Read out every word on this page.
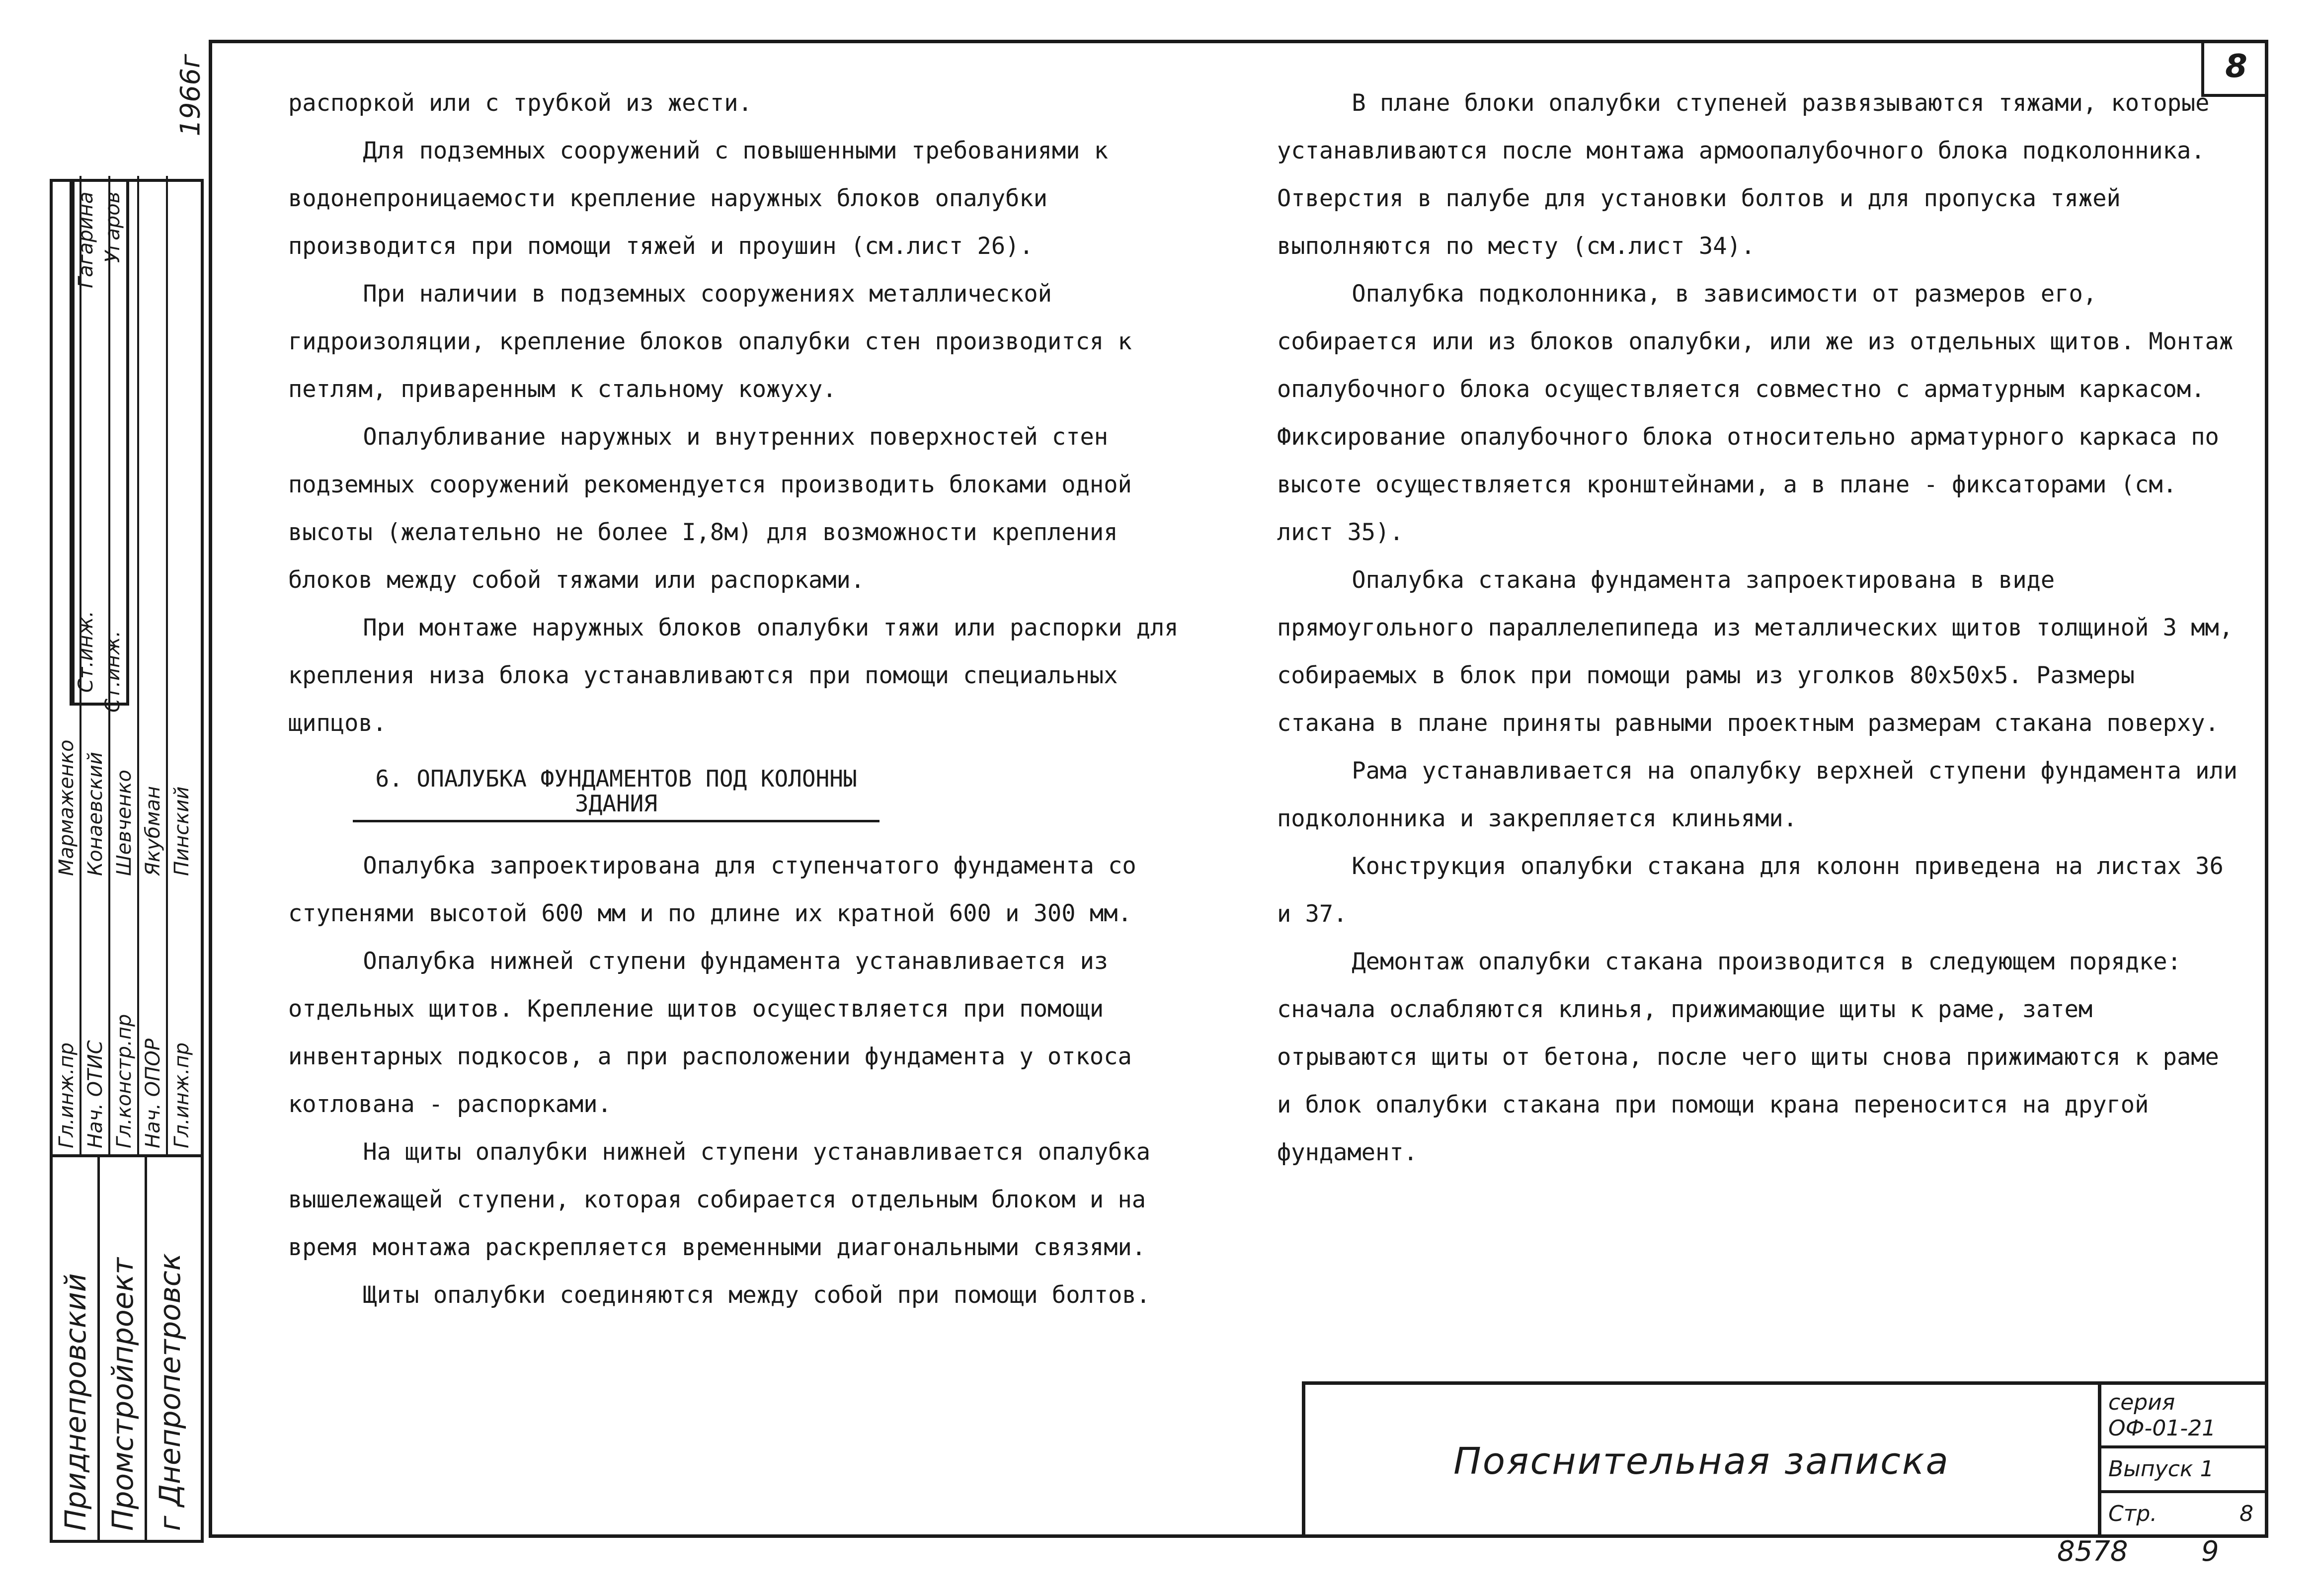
8
1966г
Приднепровский Промстройпроект г Днепропетровск
Гл.инж.пр
Мармаженко
Нач. ОТИС
Конаевский
Гл.констр.пр
Шевченко
Нач. ОПОР
Якубман
Гл.инж.пр
Пинский
Ст.инж.
Гагарина
Ст.инж.
Угаров

распоркой или с трубкой из жести.

Для подземных сооружений с повышенными требованиями к водонепроницаемости крепление наружных блоков опалубки производится при помощи тяжей и проушин (см.лист 26).

При наличии в подземных сооружениях металлической гидроизоляции, крепление блоков опалубки стен производится к петлям, приваренным к стальному кожуху.

Опалубливание наружных и внутренних поверхностей стен подземных сооружений рекомендуется производить блоками одной высоты (желательно не более I,8м) для возможности крепления блоков между собой тяжами или распорками.

При монтаже наружных блоков опалубки тяжи или распорки для крепления низа блока устанавливаются при помощи специальных щипцов.

6. ОПАЛУБКА ФУНДАМЕНТОВ ПОД КОЛОННЫ ЗДАНИЯ

Опалубка запроектирована для ступенчатого фундамента со ступенями высотой 600 мм и по длине их кратной 600 и 300 мм.

Опалубка нижней ступени фундамента устанавливается из отдельных щитов. Крепление щитов осуществляется при помощи инвентарных подкосов, а при расположении фундамента у откоса котлована - распорками.

На щиты опалубки нижней ступени устанавливается опалубка вышележащей ступени, которая собирается отдельным блоком и на время монтажа раскрепляется временными диагональными связями.

Щиты опалубки соединяются между собой при помощи болтов.

В плане блоки опалубки ступеней развязываются тяжами, которые устанавливаются после монтажа армоопалубочного блока подколонника. Отверстия в палубе для установки болтов и для пропуска тяжей выполняются по месту (см.лист 34).

Опалубка подколонника, в зависимости от размеров его, собирается или из блоков опалубки, или же из отдельных щитов. Монтаж опалубочного блока осуществляется совместно с арматурным каркасом. Фиксирование опалубочного блока относительно арматурного каркаса по высоте осуществляется кронштейнами, а в плане - фиксаторами (см. лист 35).

Опалубка стакана фундамента запроектирована в виде прямоугольного параллелепипеда из металлических щитов толщиной 3 мм, собираемых в блок при помощи рамы из уголков 80х50х5. Размеры стакана в плане приняты равными проектным размерам стакана поверху.

Рама устанавливается на опалубку верхней ступени фундамента или подколонника и закрепляется клиньями.

Конструкция опалубки стакана для колонн приведена на листах 36 и 37.

Демонтаж опалубки стакана производится в следующем порядке: сначала ослабляются клинья, прижимающие щиты к раме, затем отрываются щиты от бетона, после чего щиты снова прижимаются к раме и блок опалубки стакана при помощи крана переносится на другой фундамент.

Пояснительная записка
серия
ОФ-01-21
Выпуск 1
Стр.	8
8578	9
